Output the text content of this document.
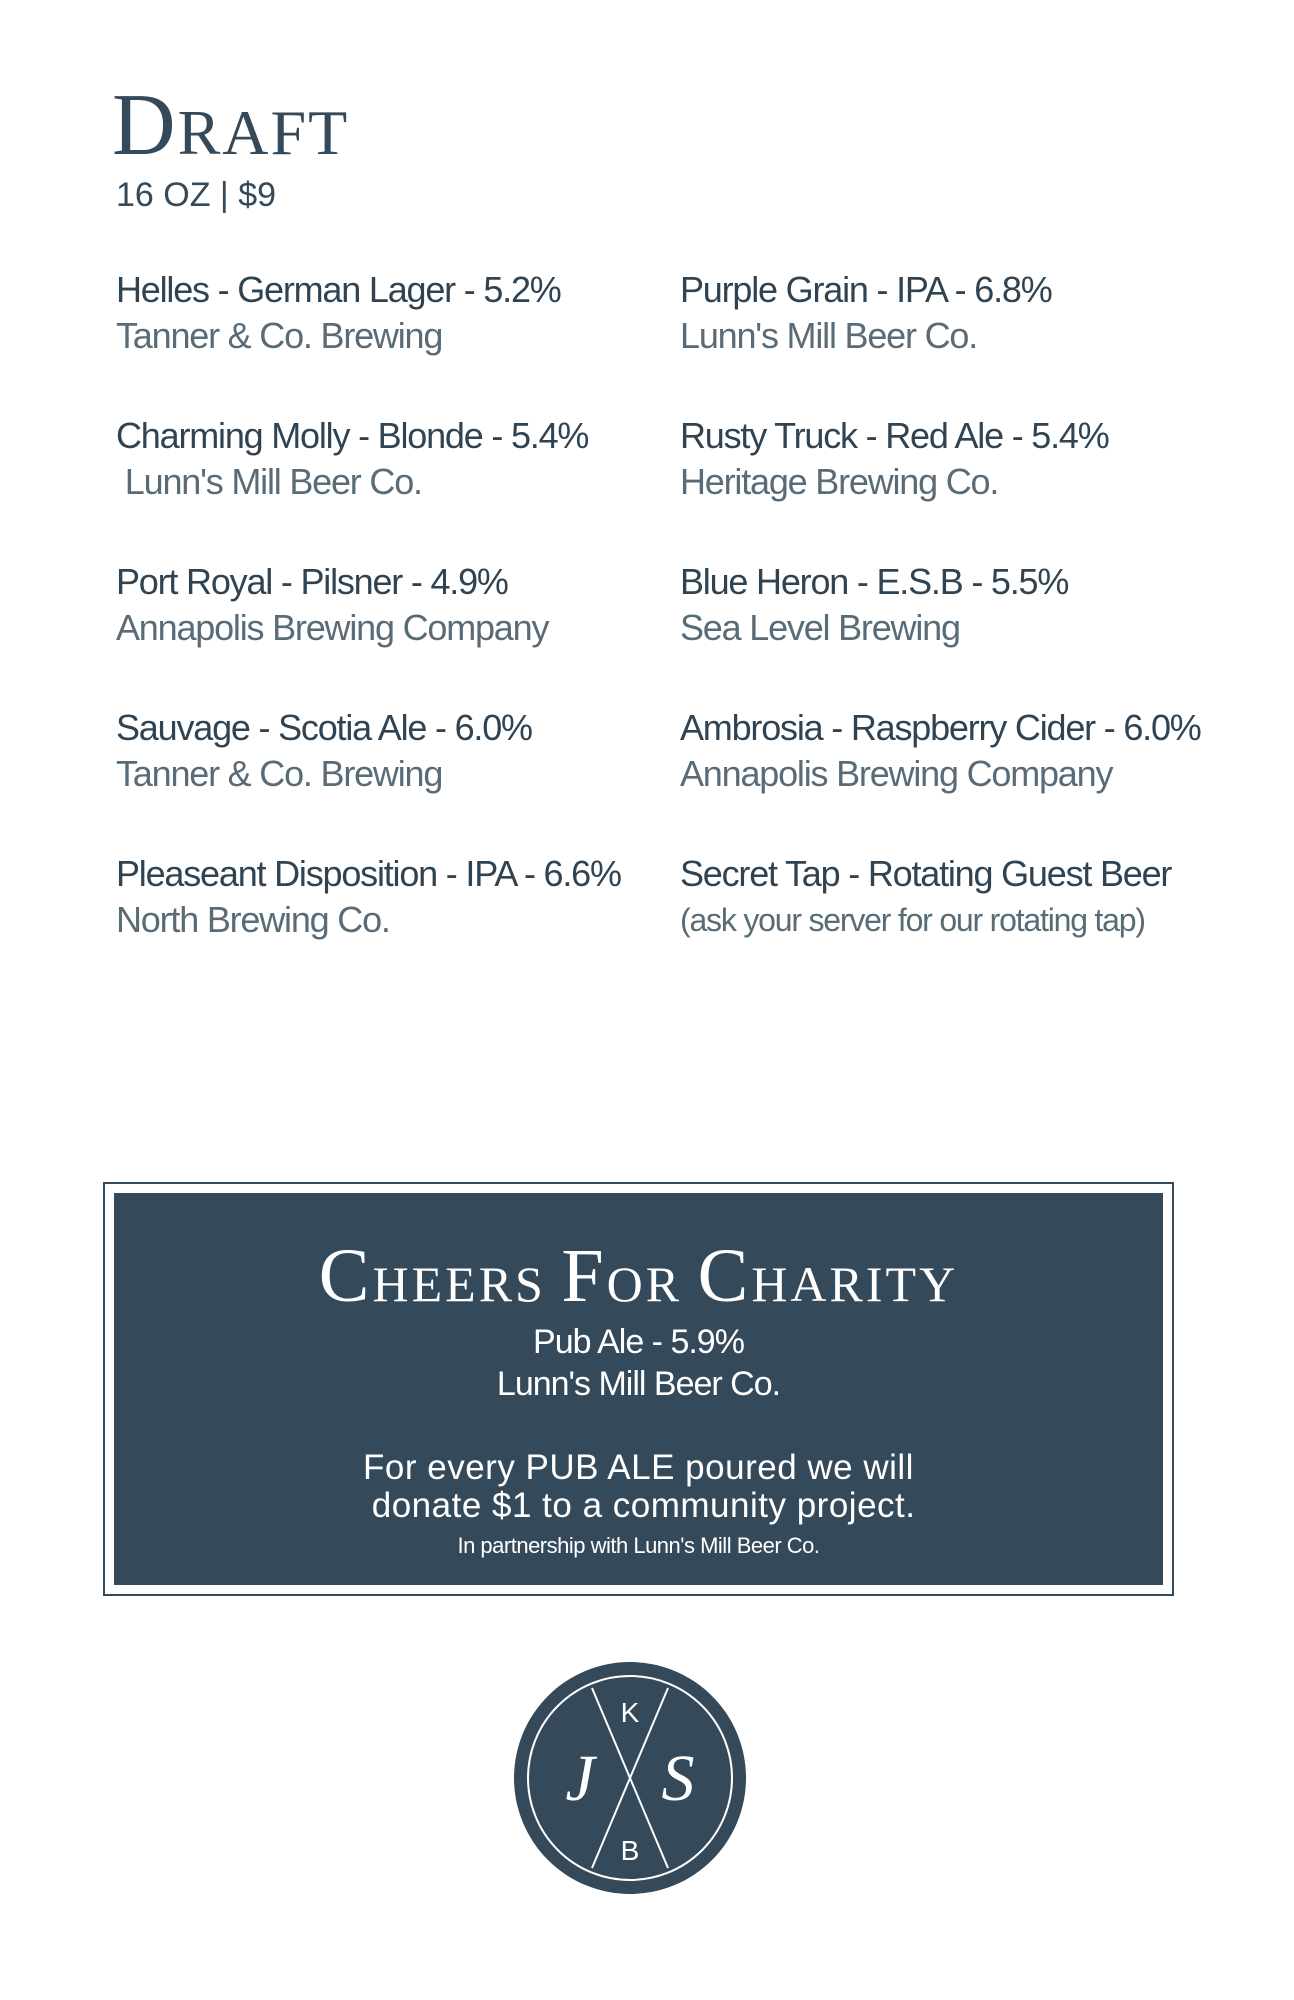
DRAFT
16 OZ | $9
Helles - German Lager - 5.2%
Tanner & Co. Brewing
Charming Molly - Blonde - 5.4%
Lunn's Mill Beer Co.
Port Royal - Pilsner - 4.9%
Annapolis Brewing Company
Sauvage - Scotia Ale - 6.0%
Tanner & Co. Brewing
Pleaseant Disposition - IPA - 6.6%
North Brewing Co.
Purple Grain - IPA - 6.8%
Lunn's Mill Beer Co.
Rusty Truck - Red Ale - 5.4%
Heritage Brewing Co.
Blue Heron - E.S.B - 5.5%
Sea Level Brewing
Ambrosia - Raspberry Cider - 6.0%
Annapolis Brewing Company
Secret Tap - Rotating Guest Beer
(ask your server for our rotating tap)
CHEERS FOR CHARITY
Pub Ale - 5.9%
Lunn's Mill Beer Co.
For every PUB ALE poured we will
donate $1 to a community project.
In partnership with Lunn's Mill Beer Co.
J
K
S
B
